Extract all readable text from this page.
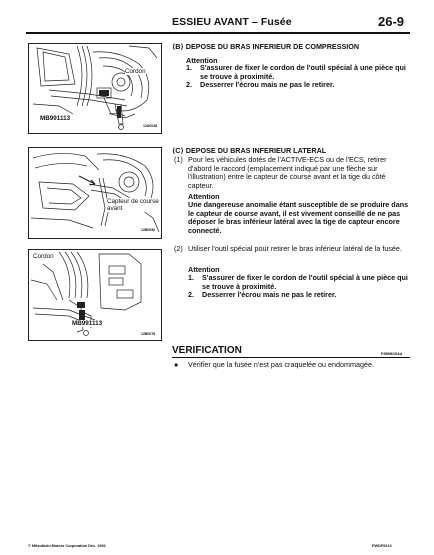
ESSIEU AVANT – Fusée	26-9
Cordon
MB991113
12A0048
Capteur de course avant
12B0050
Cordon
MB991113
12B0078
⟨B⟩ DEPOSE DU BRAS INFERIEUR DE COMPRESSION
Attention
1. S'assurer de fixer le cordon de l'outil spécial à une pièce qui se trouve à proximité.
2. Desserrer l'écrou mais ne pas le retirer.
⟨C⟩ DEPOSE DU BRAS INFERIEUR LATERAL
(1) Pour les véhicules dotés de l'ACTIVE-ECS ou de l'ECS, retirer d'abord le raccord (emplacement indiqué par une flèche sur l'illustration) entre le capteur de course avant et la tige du côté capteur.
Attention
Une dangereuse anomalie étant susceptible de se produire dans le capteur de course avant, il est vivement conseillé de ne pas déposer le bras inférieur latéral avec la tige de capteur encore connecté.
(2) Utiliser l'outil spécial pour retirer le bras inférieur latéral de la fusée.
Attention
1. S'assurer de fixer le cordon de l'outil spécial à une pièce qui se trouve à proximité.
2. Desserrer l'écrou mais ne pas le retirer.
VERIFICATION	P26BHOSAA
● Vérifier que la fusée n'est pas craquelée ou endommagée.
© Mitsubishi Motors Corporation Déc. 1992	PWDF9213
